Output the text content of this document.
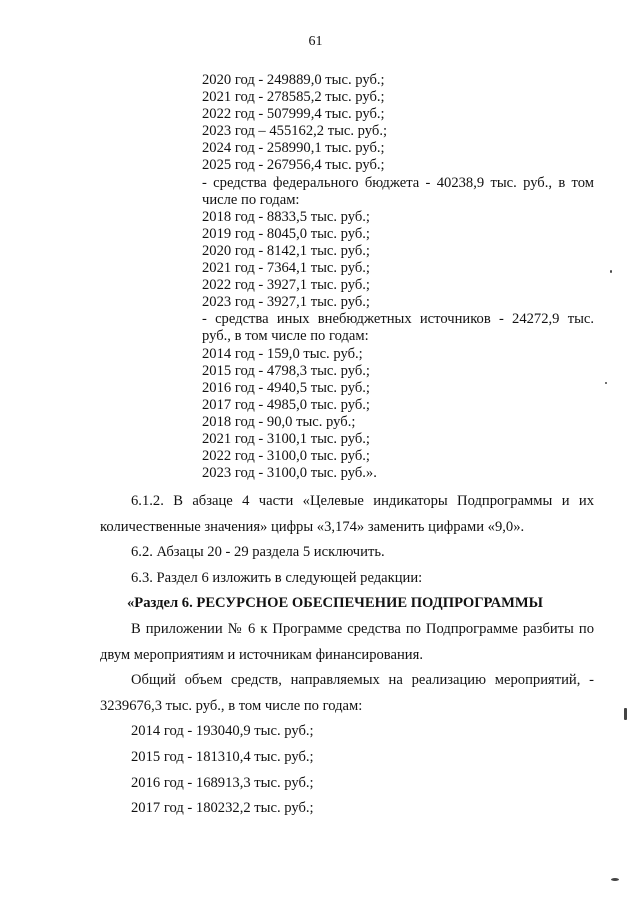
61
2020 год - 249889,0 тыс. руб.;
2021 год - 278585,2 тыс. руб.;
2022 год - 507999,4 тыс. руб.;
2023 год – 455162,2 тыс. руб.;
2024 год - 258990,1 тыс. руб.;
2025 год - 267956,4 тыс. руб.;
- средства федерального бюджета - 40238,9 тыс. руб., в том числе по годам:
2018 год - 8833,5 тыс. руб.;
2019 год - 8045,0 тыс. руб.;
2020 год - 8142,1 тыс. руб.;
2021 год - 7364,1 тыс. руб.;
2022 год - 3927,1 тыс. руб.;
2023 год - 3927,1 тыс. руб.;
- средства иных внебюджетных источников - 24272,9 тыс. руб., в том числе по годам:
2014 год - 159,0 тыс. руб.;
2015 год - 4798,3 тыс. руб.;
2016 год - 4940,5 тыс. руб.;
2017 год - 4985,0 тыс. руб.;
2018 год - 90,0 тыс. руб.;
2021 год - 3100,1 тыс. руб.;
2022 год - 3100,0 тыс. руб.;
2023 год - 3100,0 тыс. руб.».
6.1.2. В абзаце 4 части «Целевые индикаторы Подпрограммы и их количественные значения» цифры «3,174» заменить цифрами «9,0».
6.2. Абзацы 20 - 29 раздела 5 исключить.
6.3. Раздел 6 изложить в следующей редакции:
«Раздел 6. РЕСУРСНОЕ ОБЕСПЕЧЕНИЕ ПОДПРОГРАММЫ
В приложении № 6 к Программе средства по Подпрограмме разбиты по двум мероприятиям и источникам финансирования.
Общий объем средств, направляемых на реализацию мероприятий, - 3239676,3 тыс. руб., в том числе по годам:
2014 год - 193040,9 тыс. руб.;
2015 год - 181310,4 тыс. руб.;
2016 год - 168913,3 тыс. руб.;
2017 год - 180232,2 тыс. руб.;
